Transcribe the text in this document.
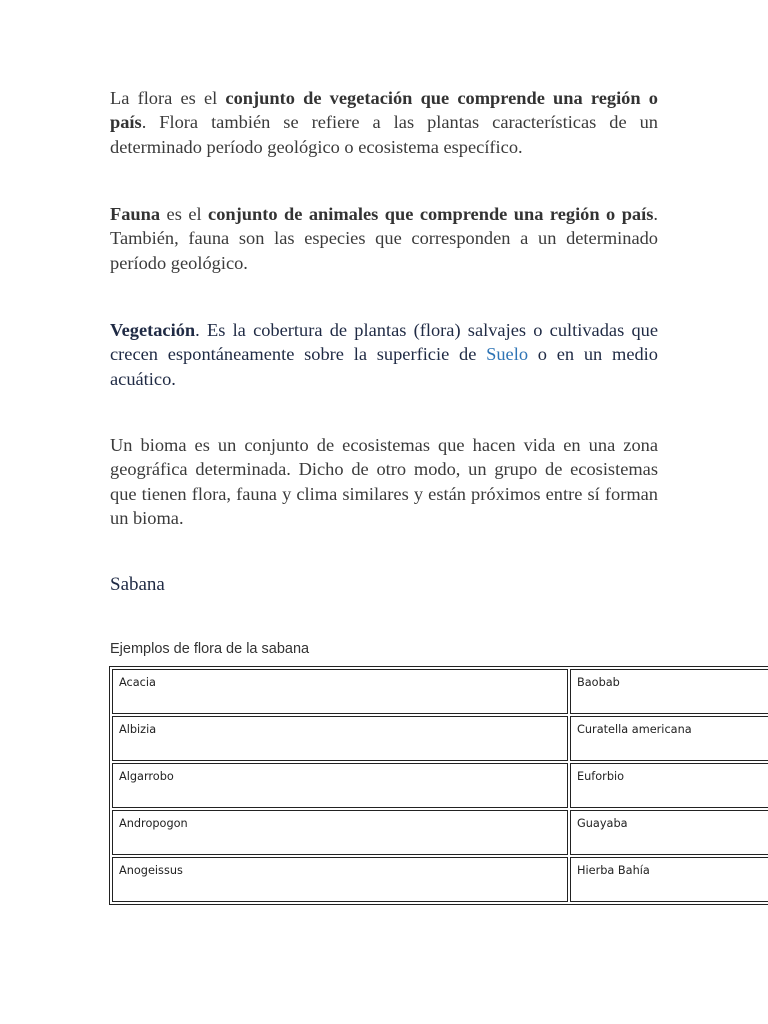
La flora es el conjunto de vegetación que comprende una región o país. Flora también se refiere a las plantas características de un determinado período geológico o ecosistema específico.

Fauna es el conjunto de animales que comprende una región o país. También, fauna son las especies que corresponden a un determinado período geológico.

Vegetación. Es la cobertura de plantas (flora) salvajes o cultivadas que crecen espontáneamente sobre la superficie de Suelo o en un medio acuático.

Un bioma es un conjunto de ecosistemas que hacen vida en una zona geográfica determinada. Dicho de otro modo, un grupo de ecosistemas que tienen flora, fauna y clima similares y están próximos entre sí forman un bioma.

Sabana

Ejemplos de flora de la sabana

Acacia	Baobab
Albizia	Curatella americana
Algarrobo	Euforbio
Andropogon	Guayaba
Anogeissus	Hierba Bahía
